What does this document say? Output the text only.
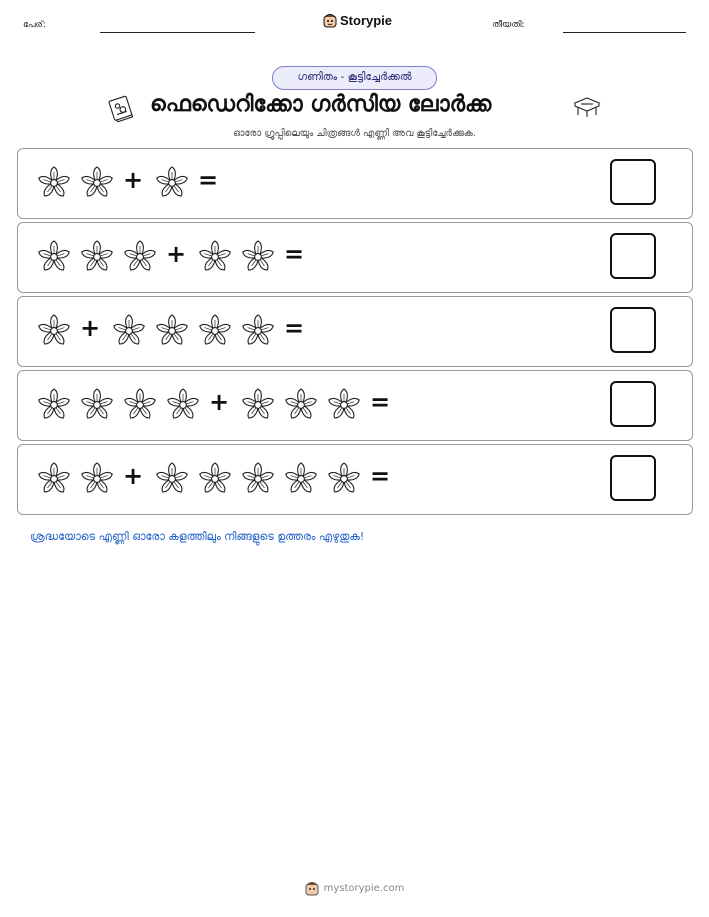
പേര്:	Storypie	തീയതി:
ഗണിതം - കൂട്ടിച്ചേർക്കൽ
ഫെഡെറിക്കോ ഗർസിയ ലോർക്ക
ഓരോ ഗ്രൂപ്പിലെയും ചിത്രങ്ങൾ എണ്ണി അവ കൂട്ടിച്ചേർക്കുക.
+ =
+	=
+	=
+	=
+	=
ശ്രദ്ധയോടെ എണ്ണി ഓരോ കളത്തിലും നിങ്ങളുടെ ഉത്തരം എഴുതുക!
mystorypie.com
